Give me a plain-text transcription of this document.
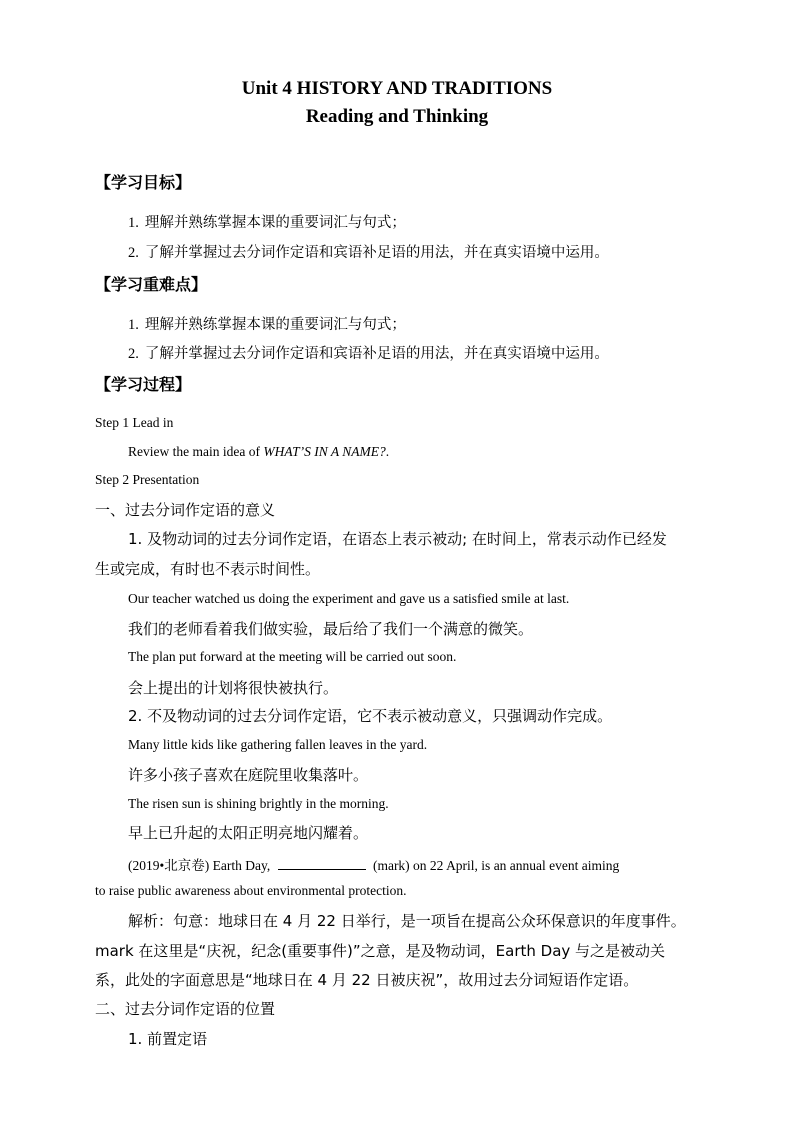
Unit 4 HISTORY AND TRADITIONS
Reading and Thinking
【学习目标】
1. 理解并熟练掌握本课的重要词汇与句式；
2. 了解并掌握过去分词作定语和宾语补足语的用法，并在真实语境中运用。
【学习重难点】
1. 理解并熟练掌握本课的重要词汇与句式；
2. 了解并掌握过去分词作定语和宾语补足语的用法，并在真实语境中运用。
【学习过程】
Step 1 Lead in
Review the main idea of WHAT’S IN A NAME?.
Step 2 Presentation
一、过去分词作定语的意义
1. 及物动词的过去分词作定语，在语态上表示被动; 在时间上，常表示动作已经发
生或完成，有时也不表示时间性。
Our teacher watched us doing the experiment and gave us a satisfied smile at last.
我们的老师看着我们做实验，最后给了我们一个满意的微笑。
The plan put forward at the meeting will be carried out soon.
会上提出的计划将很快被执行。
2. 不及物动词的过去分词作定语，它不表示被动意义，只强调动作完成。
Many little kids like gathering fallen leaves in the yard.
许多小孩子喜欢在庭院里收集落叶。
The risen sun is shining brightly in the morning.
早上已升起的太阳正明亮地闪耀着。
(2019•北京卷) Earth Day,	(mark) on 22 April, is an annual event aiming
to raise public awareness about environmental protection.
解析：句意：地球日在 4 月 22 日举行，是一项旨在提高公众环保意识的年度事件。
mark 在这里是“庆祝，纪念(重要事件)”之意，是及物动词，Earth Day 与之是被动关
系，此处的字面意思是“地球日在 4 月 22 日被庆祝”，故用过去分词短语作定语。
二、过去分词作定语的位置
1. 前置定语
